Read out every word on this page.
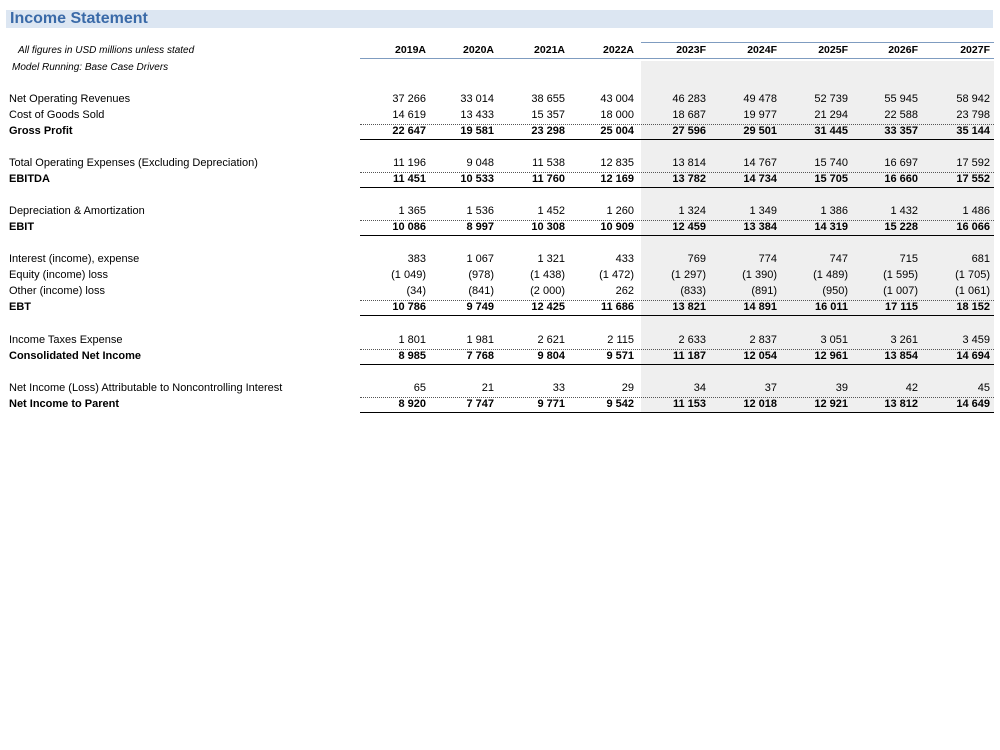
Income Statement
All figures in USD millions unless stated
Model Running: Base Case Drivers
2019A	2020A	2021A	2022A	2023F	2024F	2025F	2026F	2027F
Net Operating Revenues	37 266	33 014	38 655	43 004	46 283	49 478	52 739	55 945	58 942
Cost of Goods Sold	14 619	13 433	15 357	18 000	18 687	19 977	21 294	22 588	23 798
Gross Profit	22 647	19 581	23 298	25 004	27 596	29 501	31 445	33 357	35 144
Total Operating Expenses (Excluding Depreciation)	11 196	9 048	11 538	12 835	13 814	14 767	15 740	16 697	17 592
EBITDA	11 451	10 533	11 760	12 169	13 782	14 734	15 705	16 660	17 552
Depreciation & Amortization	1 365	1 536	1 452	1 260	1 324	1 349	1 386	1 432	1 486
EBIT	10 086	8 997	10 308	10 909	12 459	13 384	14 319	15 228	16 066
Interest (income), expense	383	1 067	1 321	433	769	774	747	715	681
Equity (income) loss	(1 049)	(978)	(1 438)	(1 472)	(1 297)	(1 390)	(1 489)	(1 595)	(1 705)
Other (income) loss	(34)	(841)	(2 000)	262	(833)	(891)	(950)	(1 007)	(1 061)
EBT	10 786	9 749	12 425	11 686	13 821	14 891	16 011	17 115	18 152
Income Taxes Expense	1 801	1 981	2 621	2 115	2 633	2 837	3 051	3 261	3 459
Consolidated Net Income	8 985	7 768	9 804	9 571	11 187	12 054	12 961	13 854	14 694
Net Income (Loss) Attributable to Noncontrolling Interest	65	21	33	29	34	37	39	42	45
Net Income to Parent	8 920	7 747	9 771	9 542	11 153	12 018	12 921	13 812	14 649
